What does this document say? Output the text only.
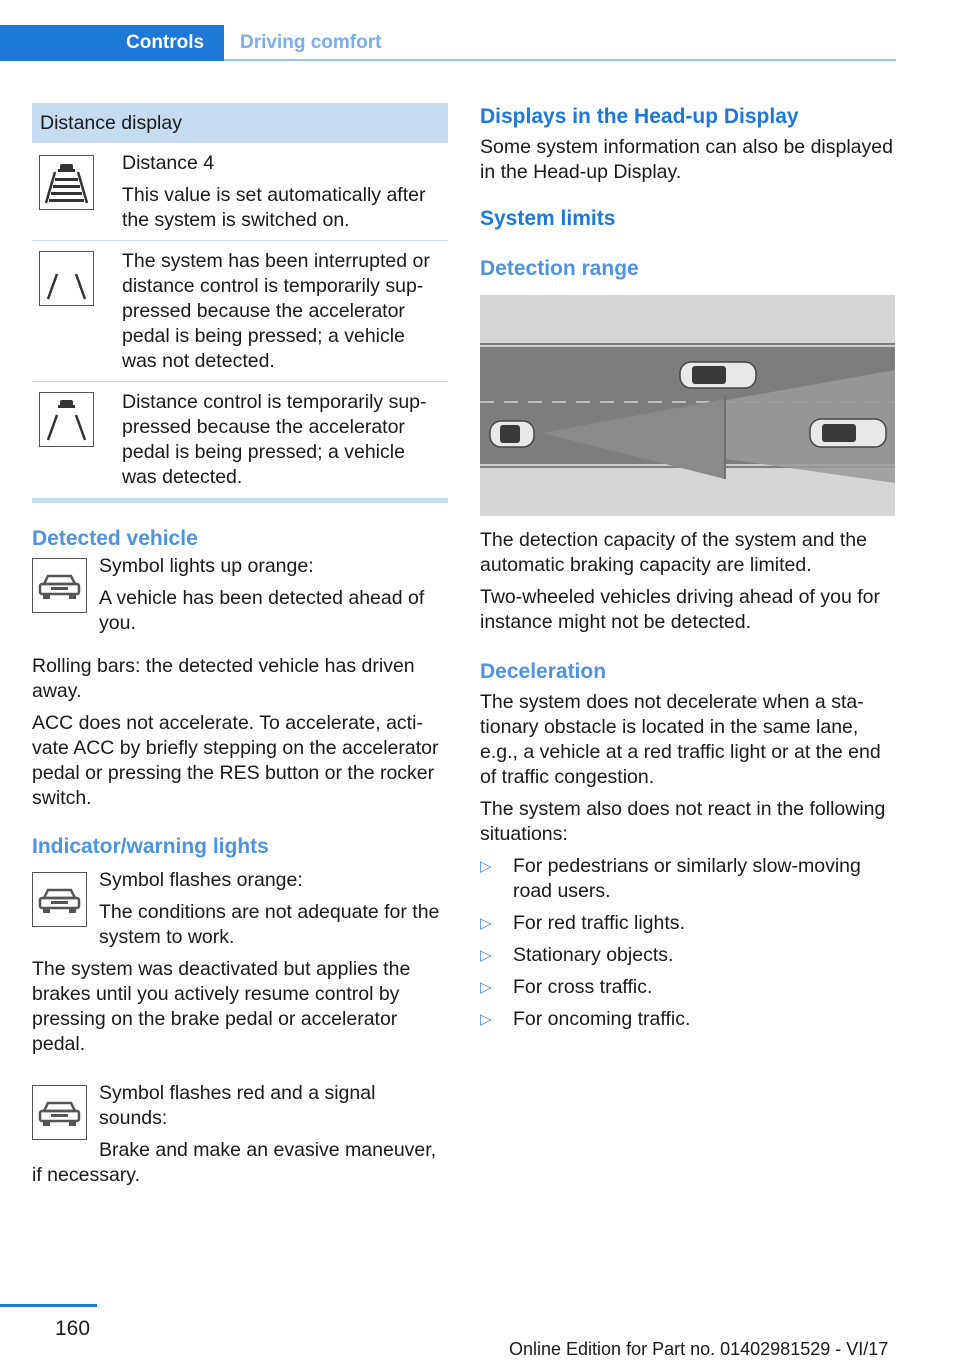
Controls	Driving comfort
Distance display

Distance 4

This value is set automatically after the system is switched on.

The system has been interrupted or distance control is temporarily suppressed because the accelerator pedal is being pressed; a vehicle was not detected.

Distance control is temporarily suppressed because the accelerator pedal is being pressed; a vehicle was detected.

Detected vehicle

Symbol lights up orange:

A vehicle has been detected ahead of you.

Rolling bars: the detected vehicle has driven away.

ACC does not accelerate. To accelerate, activate ACC by briefly stepping on the accelerator pedal or pressing the RES button or the rocker switch.

Indicator/warning lights

Symbol flashes orange:

The conditions are not adequate for the system to work.

The system was deactivated but applies the brakes until you actively resume control by pressing on the brake pedal or accelerator pedal.

Symbol flashes red and a signal sounds:

Brake and make an evasive maneuver, if necessary.

Displays in the Head-up Display

Some system information can also be displayed in the Head-up Display.

System limits
Detection range

The detection capacity of the system and the automatic braking capacity are limited.

Two-wheeled vehicles driving ahead of you for instance might not be detected.

Deceleration

The system does not decelerate when a stationary obstacle is located in the same lane, e.g., a vehicle at a red traffic light or at the end of traffic congestion.

The system also does not react in the following situations:

▷ For pedestrians or similarly slow-moving road users.
▷ For red traffic lights.
▷ Stationary objects.
▷ For cross traffic.
▷ For oncoming traffic.
160
Online Edition for Part no. 01402981529 - VI/17
